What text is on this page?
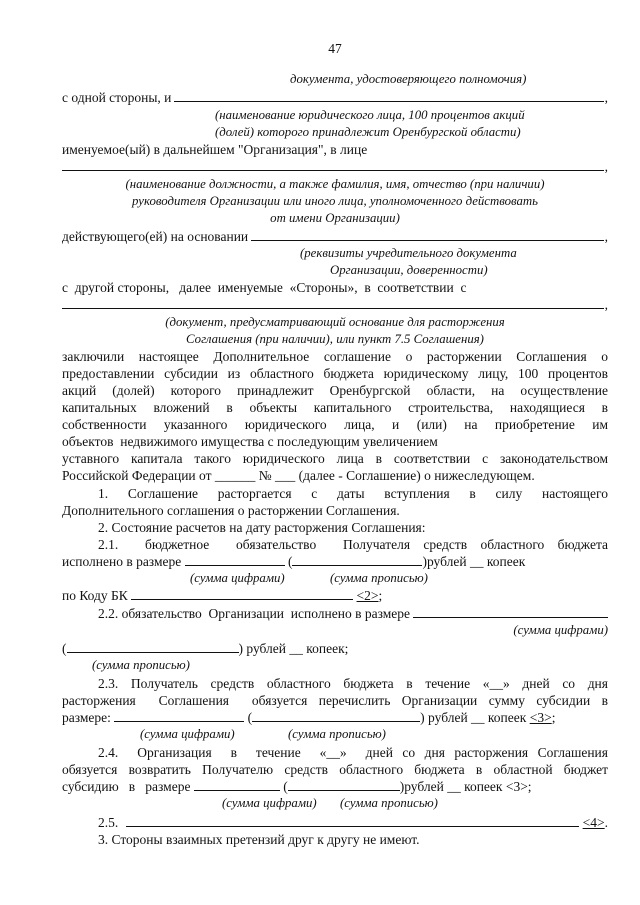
47
документа, удостоверяющего полномочия)
с одной стороны, и	,
(наименование юридического лица, 100 процентов акций
(долей) которого принадлежит Оренбургской области)
именуемое(ый) в дальнейшем "Организация", в лице
,
(наименование должности, а также фамилия, имя, отчество (при наличии)
руководителя Организации или иного лица, уполномоченного действовать
от имени Организации)
действующего(ей) на основании	,
(реквизиты учредительного документа
Организации, доверенности)
с  другой стороны,   далее  именуемые  «Стороны»,  в  соответствии  с
,
(документ, предусматривающий основание для расторжения
Соглашения (при наличии), или пункт 7.5 Соглашения)
заключили настоящее Дополнительное соглашение о расторжении Соглашения о
предоставлении субсидии из областного бюджета юридическому лицу, 100 процентов
акций (долей) которого принадлежит Оренбургской области, на осуществление
капитальных вложений в объекты капитального строительства, находящиеся в
собственности указанного юридического лица, и (или) на приобретение им
объектов  недвижимого имущества с последующим увеличением
уставного капитала такого юридического лица в соответствии с законодательством
Российской Федерации от ______ № ___ (далее - Соглашение) о нижеследующем.
1. Соглашение расторгается с даты вступления в силу настоящего
Дополнительного соглашения о расторжении Соглашения.
2. Состояние расчетов на дату расторжения Соглашения:
2.1.  бюджетное  обязательство  Получателя средств областного бюджета
исполнено в размере	(	)рублей __ копеек
(сумма цифрами)	(сумма прописью)
по Коду БК	<2>;
2.2. обязательство  Организации  исполнено в размере
(сумма цифрами)
(	) рублей __ копеек;
(сумма прописью)
2.3. Получатель средств областного бюджета в течение «__» дней со дня
расторжения  Соглашения  обязуется перечислить Организации сумму субсидии в
размере:	(	) рублей __ копеек <3>;
(сумма цифрами)	(сумма прописью)
2.4.  Организация  в  течение  «__»  дней со дня расторжения Соглашения
обязуется возвратить Получателю средств областного бюджета в областной бюджет
субсидию   в   размере	(	)рублей __ копеек <3>;
(сумма цифрами)	(сумма прописью)
2.5.	<4> .
3. Стороны взаимных претензий друг к другу не имеют.
